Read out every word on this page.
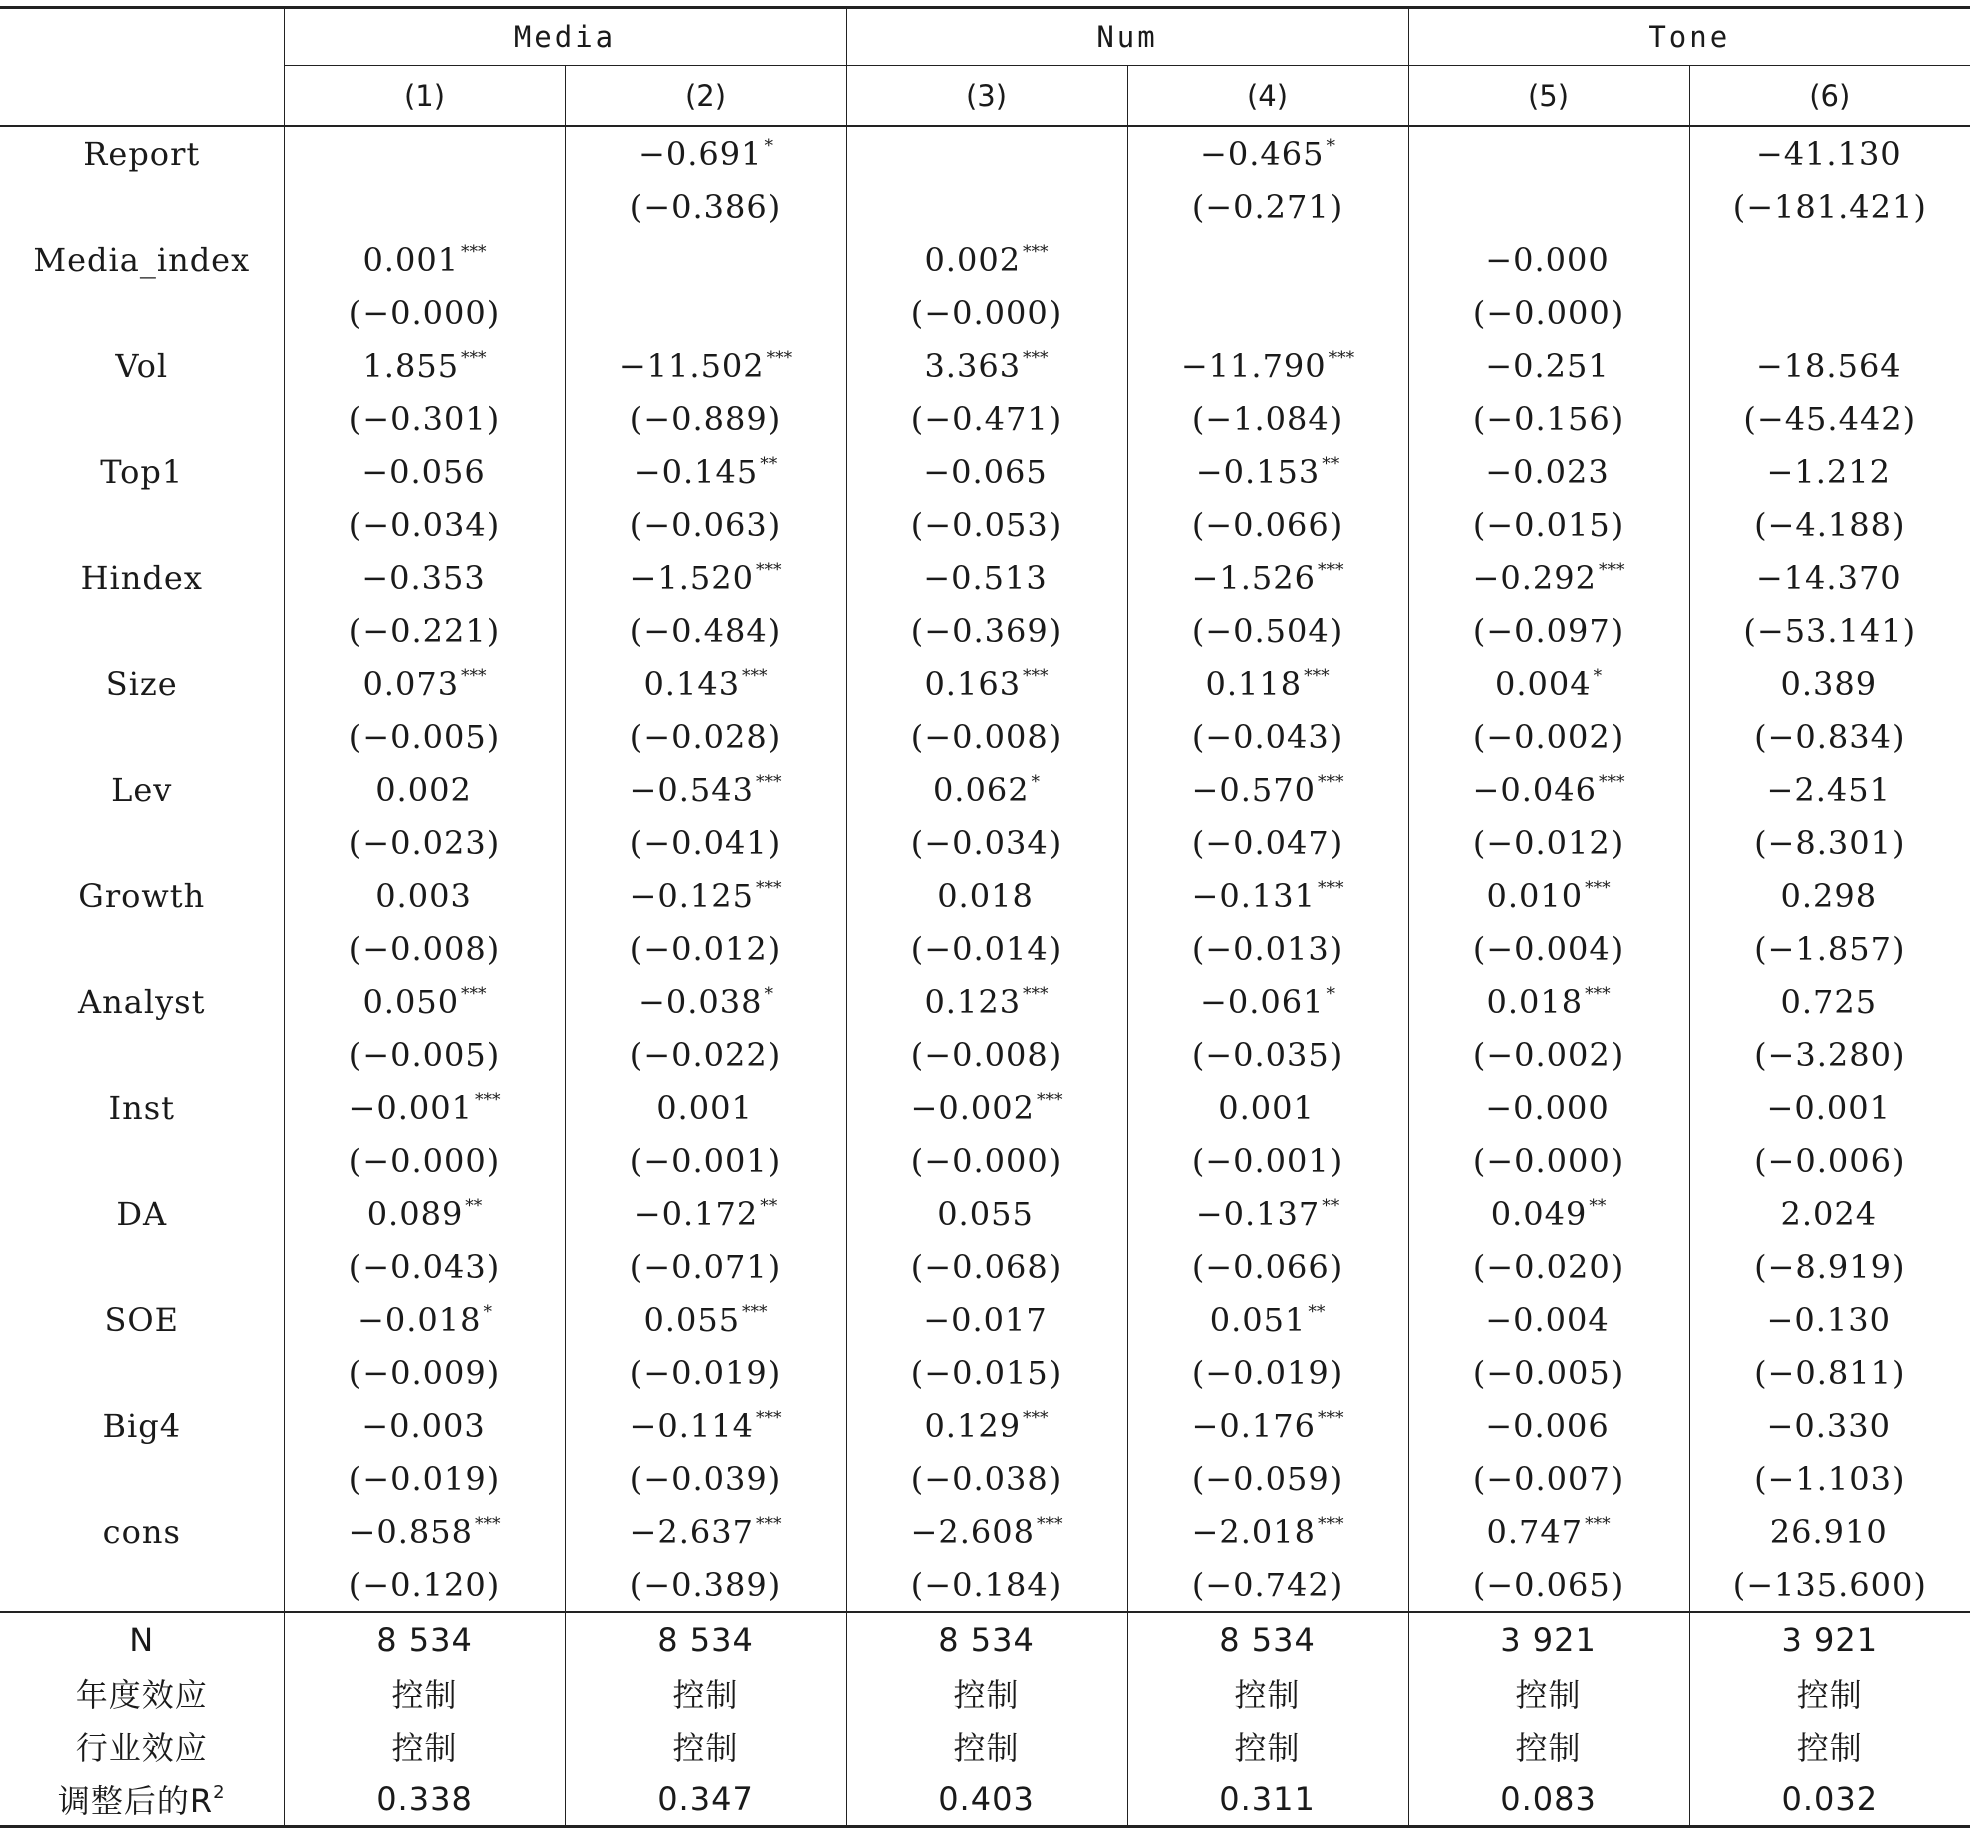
	Media		Num		Tone	
	(1)	(2)	(3)	(4)	(5)	(6)
Report		−0.691 *		−0.465 *		−41.130
		(−0.386)		(−0.271)		(−181.421)
Media_index	0.001 ***		0.002 ***		−0.000	
	(−0.000)		(−0.000)		(−0.000)	
Vol	1.855 ***	−11.502 ***	3.363 ***	−11.790 ***	−0.251	−18.564
	(−0.301)	(−0.889)	(−0.471)	(−1.084)	(−0.156)	(−45.442)
Top1	−0.056	−0.145 **	−0.065	−0.153 **	−0.023	−1.212
	(−0.034)	(−0.063)	(−0.053)	(−0.066)	(−0.015)	(−4.188)
Hindex	−0.353	−1.520 ***	−0.513	−1.526 ***	−0.292 ***	−14.370
	(−0.221)	(−0.484)	(−0.369)	(−0.504)	(−0.097)	(−53.141)
Size	0.073 ***	0.143 ***	0.163 ***	0.118 ***	0.004 *	0.389
	(−0.005)	(−0.028)	(−0.008)	(−0.043)	(−0.002)	(−0.834)
Lev	0.002	−0.543 ***	0.062 *	−0.570 ***	−0.046 ***	−2.451
	(−0.023)	(−0.041)	(−0.034)	(−0.047)	(−0.012)	(−8.301)
Growth	0.003	−0.125 ***	0.018	−0.131 ***	0.010 ***	0.298
	(−0.008)	(−0.012)	(−0.014)	(−0.013)	(−0.004)	(−1.857)
Analyst	0.050 ***	−0.038 *	0.123 ***	−0.061 *	0.018 ***	0.725
	(−0.005)	(−0.022)	(−0.008)	(−0.035)	(−0.002)	(−3.280)
Inst	−0.001 ***	0.001	−0.002 ***	0.001	−0.000	−0.001
	(−0.000)	(−0.001)	(−0.000)	(−0.001)	(−0.000)	(−0.006)
DA	0.089 **	−0.172 **	0.055	−0.137 **	0.049 **	2.024
	(−0.043)	(−0.071)	(−0.068)	(−0.066)	(−0.020)	(−8.919)
SOE	−0.018 *	0.055 ***	−0.017	0.051 **	−0.004	−0.130
	(−0.009)	(−0.019)	(−0.015)	(−0.019)	(−0.005)	(−0.811)
Big4	−0.003	−0.114 ***	0.129 ***	−0.176 ***	−0.006	−0.330
	(−0.019)	(−0.039)	(−0.038)	(−0.059)	(−0.007)	(−1.103)
cons	−0.858 ***	−2.637 ***	−2.608 ***	−2.018 ***	0.747 ***	26.910
	(−0.120)	(−0.389)	(−0.184)	(−0.742)	(−0.065)	(−135.600)
N	8 534	8 534	8 534	8 534	3 921	3 921
年度效应	控制	控制	控制	控制	控制	控制
行业效应	控制	控制	控制	控制	控制	控制
调整后的$R^2$	0.338	0.347	0.403	0.311	0.083	0.032
